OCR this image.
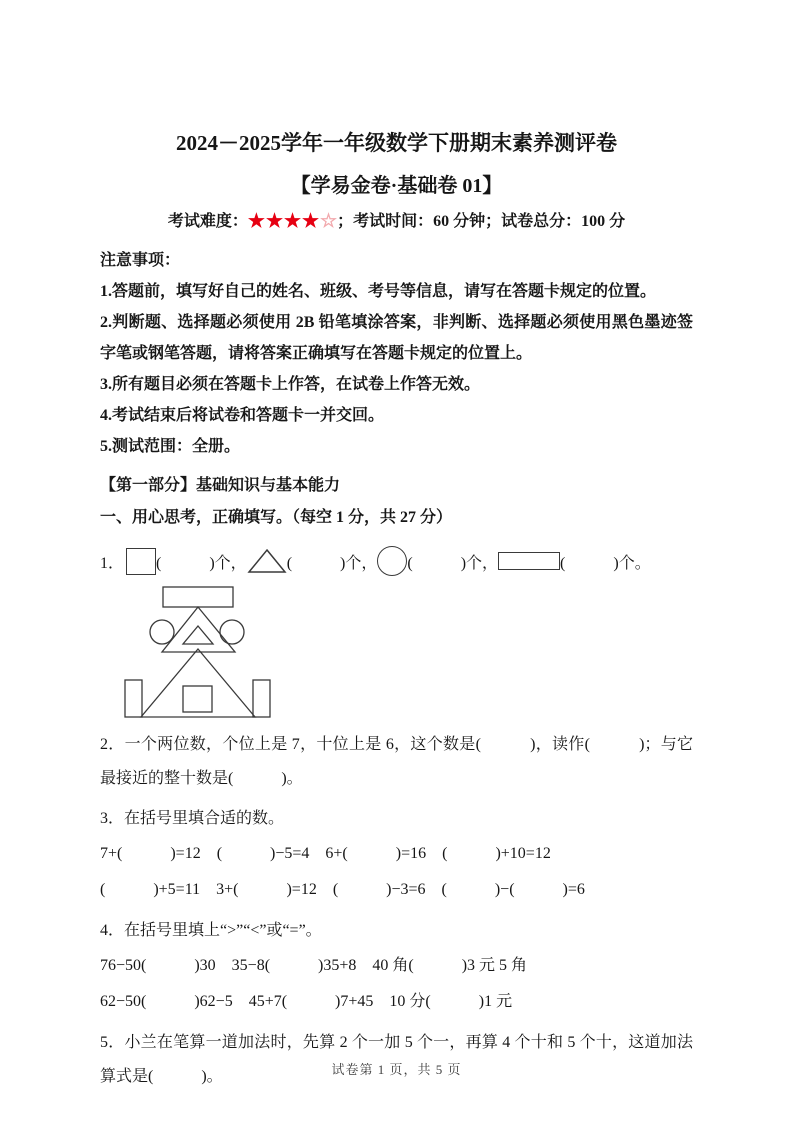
2024－2025学年一年级数学下册期末素养测评卷
【学易金卷·基础卷 01】
考试难度：★★★★☆；考试时间：60 分钟；试卷总分：100 分
注意事项：
1.答题前，填写好自己的姓名、班级、考号等信息，请写在答题卡规定的位置。
2.判断题、选择题必须使用 2B 铅笔填涂答案，非判断、选择题必须使用黑色墨迹签字笔或钢笔答题，请将答案正确填写在答题卡规定的位置上。
3.所有题目必须在答题卡上作答，在试卷上作答无效。
4.考试结束后将试卷和答题卡一并交回。
5.测试范围：全册。
【第一部分】基础知识与基本能力
一、用心思考，正确填写。（每空 1 分，共 27 分）
1． (　　　)个，	(　　　)个， (　　　)个，	(　　　)个。

2．一个两位数，个位上是 7，十位上是 6，这个数是(　　　)，读作(　　　)；与它最接近的整十数是(　　　)。

3．在括号里填合适的数。

7+(　　　)=12　(　　　)−5=4　6+(　　　)=16　(　　　)+10=12
(　　　)+5=11　3+(　　　)=12　(　　　)−3=6　(　　　)−(　　　)=6

4．在括号里填上“>”“<”或“=”。

76−50(　　　)30　35−8(　　　)35+8　40 角(　　　)3 元 5 角
62−50(　　　)62−5　45+7(　　　)7+45　10 分(　　　)1 元

5．小兰在笔算一道加法时，先算 2 个一加 5 个一，再算 4 个十和 5 个十，这道加法算式是(　　　)。	试卷第 1 页，共 5 页
